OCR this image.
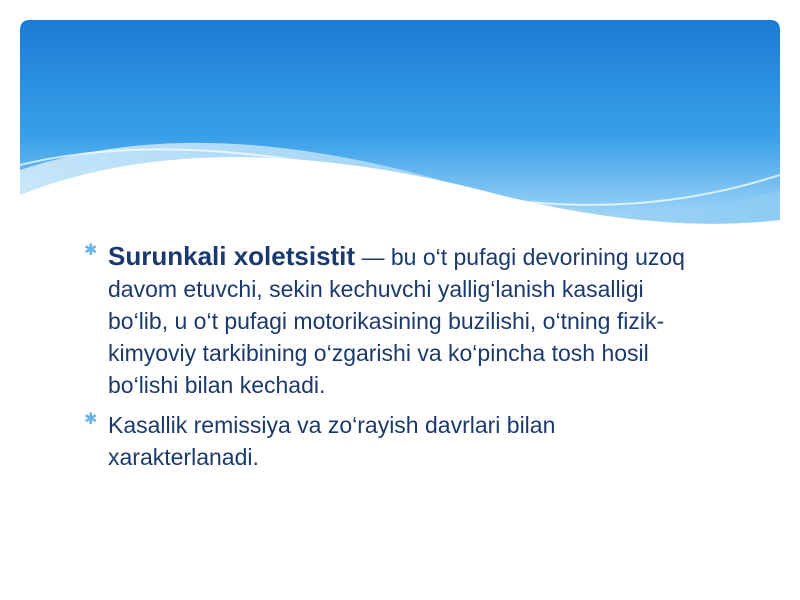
✱ Surunkali xoletsistit — bu o‘t pufagi devorining uzoq davom etuvchi, sekin kechuvchi yallig‘lanish kasalligi bo‘lib, u o‘t pufagi motorikasining buzilishi, o‘tning fizik-kimyoviy tarkibining o‘zgarishi va ko‘pincha tosh hosil bo‘lishi bilan kechadi.
✱ Kasallik remissiya va zo‘rayish davrlari bilan xarakterlanadi.
